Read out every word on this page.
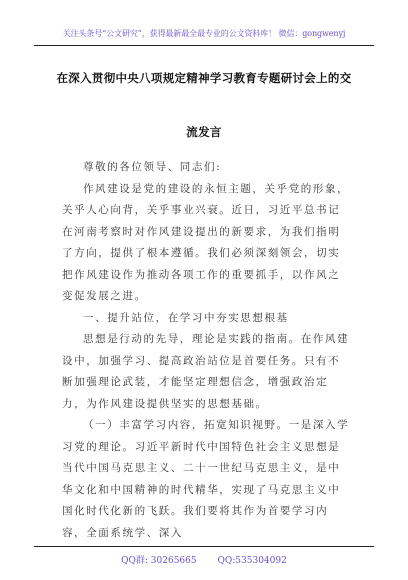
关注头条号“公文研究”，获得最新最全最专业的公文资料库！ 微信：gongwenyj
在深入贯彻中央八项规定精神学习教育专题研讨会上的交
流发言

尊敬的各位领导、同志们:

作风建设是党的建设的永恒主题，关乎党的形象，关乎人心向背，关乎事业兴衰。近日，习近平总书记在河南考察时对作风建设提出的新要求，为我们指明了方向，提供了根本遵循。我们必须深刻领会，切实把作风建设作为推动各项工作的重要抓手，以作风之变促发展之进。

一、提升站位，在学习中夯实思想根基

思想是行动的先导，理论是实践的指南。在作风建设中，加强学习、提高政治站位是首要任务。只有不断加强理论武装，才能坚定理想信念，增强政治定力，为作风建设提供坚实的思想基础。

（一）丰富学习内容，拓宽知识视野。一是深入学习党的理论。习近平新时代中国特色社会主义思想是当代中国马克思主义、二十一世纪马克思主义，是中华文化和中国精神的时代精华，实现了马克思主义中国化时代化新的飞跃。我们要将其作为首要学习内容，全面系统学、深入

QQ群: 30265665 QQ:535304092
